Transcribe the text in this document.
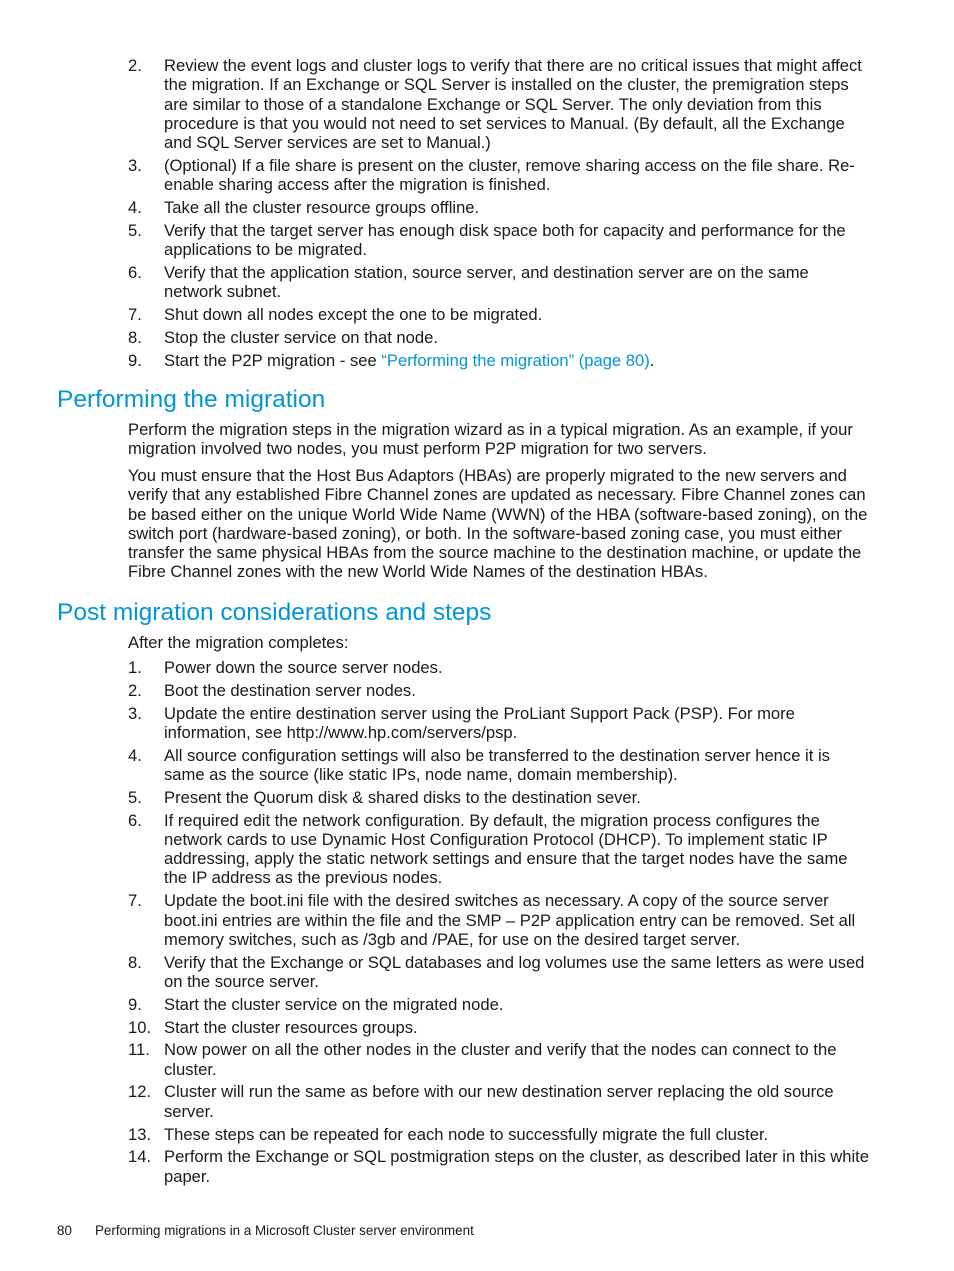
2. Review the event logs and cluster logs to verify that there are no critical issues that might affect the migration. If an Exchange or SQL Server is installed on the cluster, the premigration steps are similar to those of a standalone Exchange or SQL Server. The only deviation from this procedure is that you would not need to set services to Manual. (By default, all the Exchange and SQL Server services are set to Manual.)
3. (Optional) If a file share is present on the cluster, remove sharing access on the file share. Re-enable sharing access after the migration is finished.
4. Take all the cluster resource groups offline.
5. Verify that the target server has enough disk space both for capacity and performance for the applications to be migrated.
6. Verify that the application station, source server, and destination server are on the same network subnet.
7. Shut down all nodes except the one to be migrated.
8. Stop the cluster service on that node.
9. Start the P2P migration - see “Performing the migration” (page 80).
Performing the migration

Perform the migration steps in the migration wizard as in a typical migration. As an example, if your migration involved two nodes, you must perform P2P migration for two servers.

You must ensure that the Host Bus Adaptors (HBAs) are properly migrated to the new servers and verify that any established Fibre Channel zones are updated as necessary. Fibre Channel zones can be based either on the unique World Wide Name (WWN) of the HBA (software-based zoning), on the switch port (hardware-based zoning), or both. In the software-based zoning case, you must either transfer the same physical HBAs from the source machine to the destination machine, or update the Fibre Channel zones with the new World Wide Names of the destination HBAs.

Post migration considerations and steps

After the migration completes:

1. Power down the source server nodes.
2. Boot the destination server nodes.
3. Update the entire destination server using the ProLiant Support Pack (PSP). For more information, see http://www.hp.com/servers/psp.
4. All source configuration settings will also be transferred to the destination server hence it is same as the source (like static IPs, node name, domain membership).
5. Present the Quorum disk & shared disks to the destination sever.
6. If required edit the network configuration. By default, the migration process configures the network cards to use Dynamic Host Configuration Protocol (DHCP). To implement static IP addressing, apply the static network settings and ensure that the target nodes have the same the IP address as the previous nodes.
7. Update the boot.ini file with the desired switches as necessary. A copy of the source server boot.ini entries are within the file and the SMP – P2P application entry can be removed. Set all memory switches, such as /3gb and /PAE, for use on the desired target server.
8. Verify that the Exchange or SQL databases and log volumes use the same letters as were used on the source server.
9. Start the cluster service on the migrated node.
10. Start the cluster resources groups.
11. Now power on all the other nodes in the cluster and verify that the nodes can connect to the cluster.
12. Cluster will run the same as before with our new destination server replacing the old source server.
13. These steps can be repeated for each node to successfully migrate the full cluster.
14. Perform the Exchange or SQL postmigration steps on the cluster, as described later in this white paper.
80 Performing migrations in a Microsoft Cluster server environment
